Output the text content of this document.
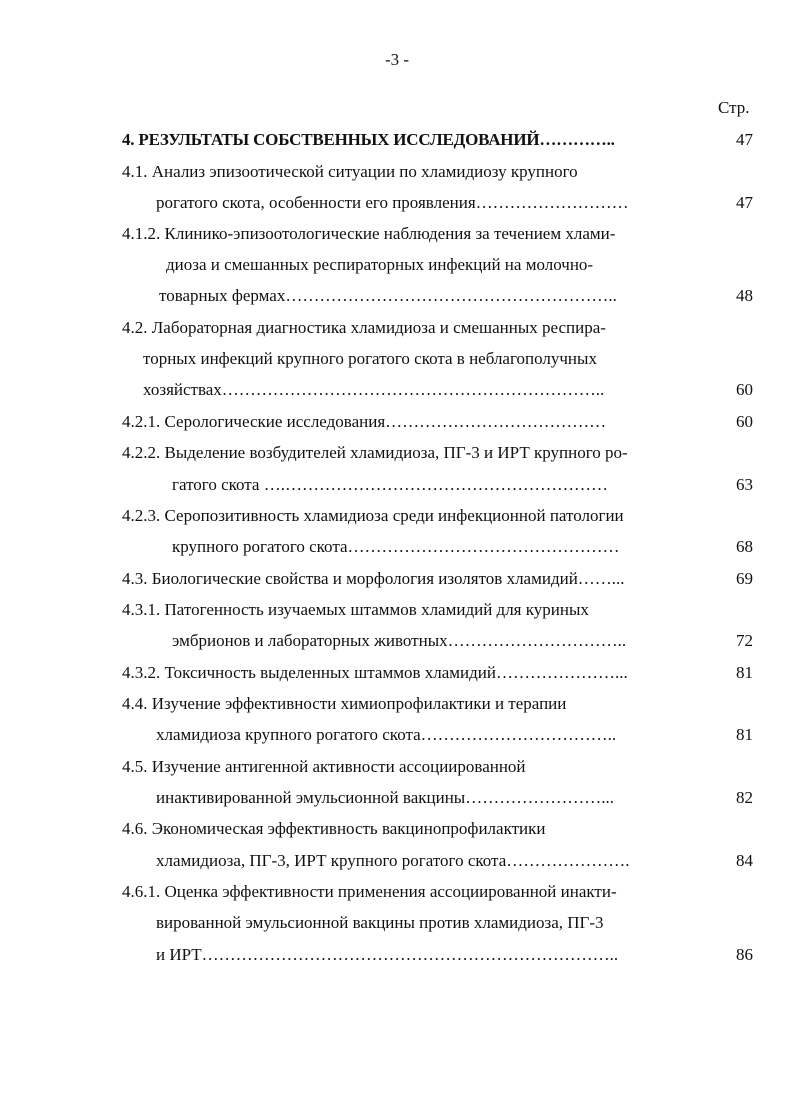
-3 -
Стр.
4. РЕЗУЛЬТАТЫ СОБСТВЕННЫХ ИССЛЕДОВАНИЙ…………..	47
4.1. Анализ эпизоотической ситуации по хламидиозу крупного
рогатого скота, особенности его проявления………………………	47
4.1.2. Клинико-эпизоотологические наблюдения за течением хлами-
диоза и смешанных респираторных инфекций на молочно-
товарных фермах…………………………………………………..	48
4.2. Лабораторная диагностика хламидиоза и смешанных респира-
торных инфекций крупного рогатого скота в неблагополучных
хозяйствах…………………………………………………………..	60
4.2.1. Серологические исследования…………………………………	60
4.2.2. Выделение возбудителей хламидиоза, ПГ-3 и ИРТ крупного ро-
гатого скота ….…………………………………………………	63
4.2.3. Серопозитивность хламидиоза среди инфекционной патологии
крупного рогатого скота…………………………………………	68
4.3. Биологические свойства и морфология изолятов хламидий……...	69
4.3.1. Патогенность изучаемых штаммов хламидий для куриных
эмбрионов и лабораторных животных…………………………..	72
4.3.2. Токсичность выделенных штаммов хламидий…………………...	81
4.4. Изучение эффективности химиопрофилактики и терапии
хламидиоза крупного рогатого скота……………………………..	81
4.5. Изучение антигенной активности ассоциированной
инактивированной эмульсионной вакцины……………………...	82
4.6. Экономическая эффективность вакцинопрофилактики
хламидиоза, ПГ-3, ИРТ крупного рогатого скота………………….	84
4.6.1. Оценка эффективности применения ассоциированной инакти-
вированной эмульсионной вакцины против хламидиоза, ПГ-3
и ИРТ………………………………………………………………..	86
